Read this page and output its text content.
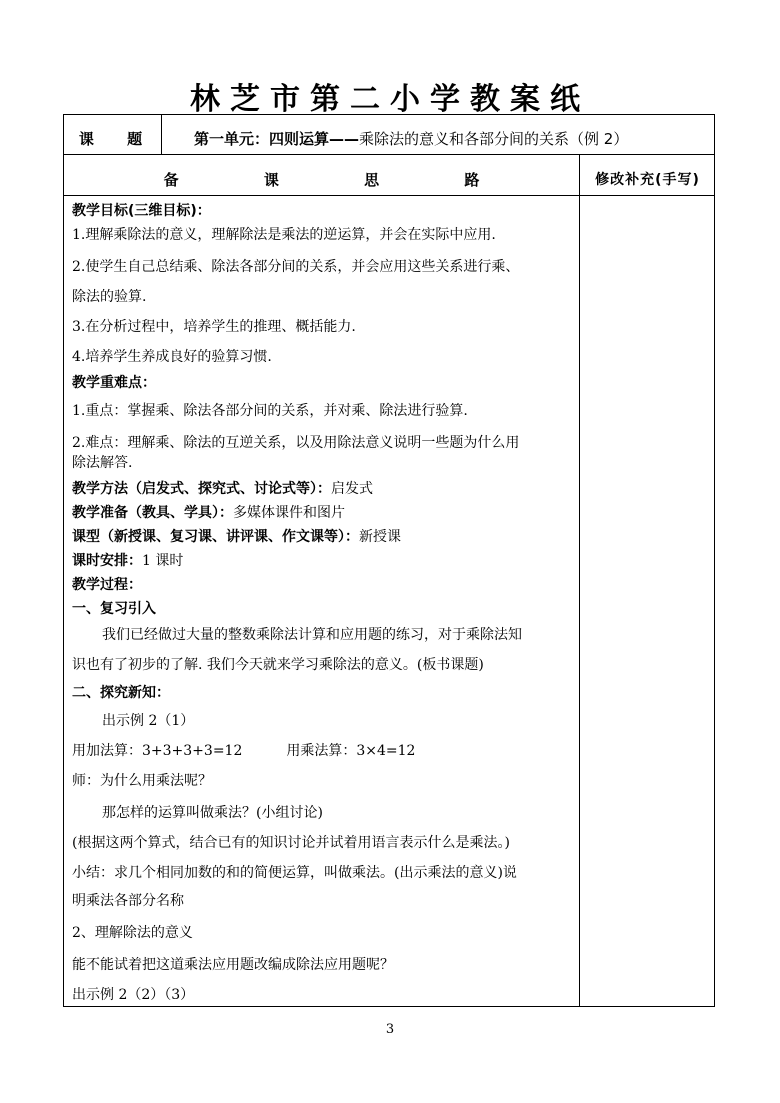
林芝市第二小学教案纸
课 题	第一单元：四则运算——乘除法的意义和各部分间的关系（例 2）
备 课 思 路	修改补充(手写)

教学目标(三维目标)：

1.理解乘除法的意义，理解除法是乘法的逆运算，并会在实际中应用.

2.使学生自己总结乘、除法各部分间的关系，并会应用这些关系进行乘、

除法的验算.

3.在分析过程中，培养学生的推理、概括能力.

4.培养学生养成良好的验算习惯.

教学重难点：

1.重点：掌握乘、除法各部分间的关系，并对乘、除法进行验算.

2.难点：理解乘、除法的互逆关系，以及用除法意义说明一些题为什么用

除法解答.

教学方法（启发式、探究式、讨论式等）：启发式

教学准备（教具、学具）：多媒体课件和图片

课型（新授课、复习课、讲评课、作文课等）：新授课

课时安排：1 课时

教学过程：

一、复习引入

我们已经做过大量的整数乘除法计算和应用题的练习，对于乘除法知

识也有了初步的了解. 我们今天就来学习乘除法的意义。(板书课题)

二、探究新知：

出示例 2（1）

用加法算：3+3+3+3=12	用乘法算：3×4=12

师：为什么用乘法呢？

那怎样的运算叫做乘法？(小组讨论)

(根据这两个算式，结合已有的知识讨论并试着用语言表示什么是乘法。)

小结：求几个相同加数的和的简便运算，叫做乘法。(出示乘法的意义)说

明乘法各部分名称

2、理解除法的意义

能不能试着把这道乘法应用题改编成除法应用题呢？

出示例 2（2）（3）

3
